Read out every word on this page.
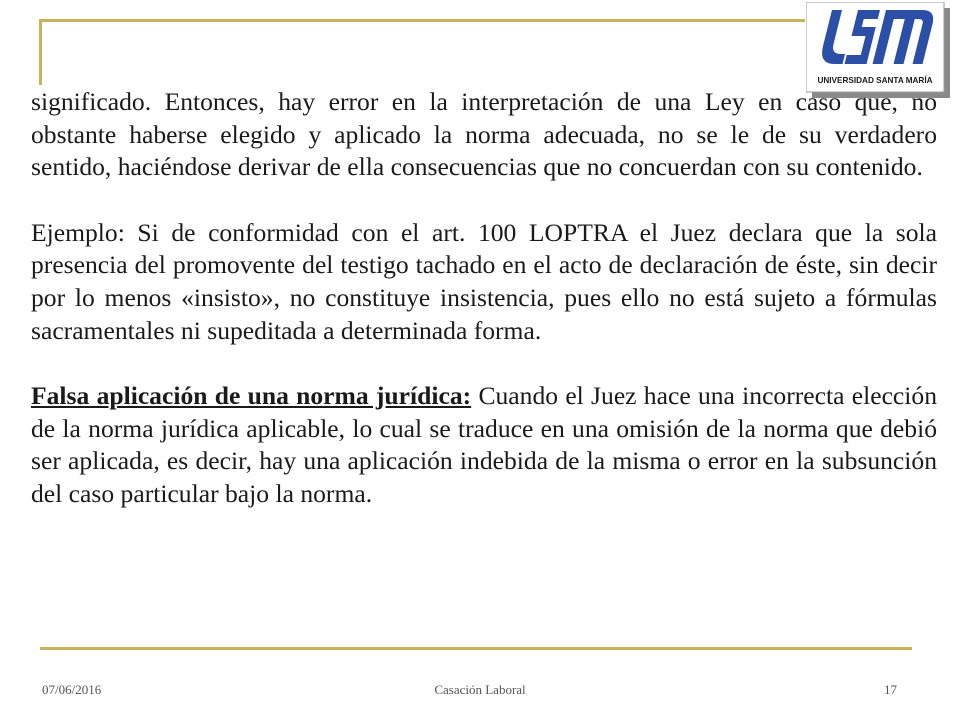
UNIVERSIDAD SANTA MARÍA

significado. Entonces, hay error en la interpretación de una Ley en caso que, no obstante haberse elegido y aplicado la norma adecuada, no se le de su verdadero sentido, haciéndose derivar de ella consecuencias que no concuerdan con su contenido.

Ejemplo: Si de conformidad con el art. 100 LOPTRA el Juez declara que la sola presencia del promovente del testigo tachado en el acto de declaración de éste, sin decir por lo menos «insisto», no constituye insistencia, pues ello no está sujeto a fórmulas sacramentales ni supeditada a determinada forma.

Falsa aplicación de una norma jurídica: Cuando el Juez hace una incorrecta elección de la norma jurídica aplicable, lo cual se traduce en una omisión de la norma que debió ser aplicada, es decir, hay una aplicación indebida de la misma o error en la subsunción del caso particular bajo la norma.

07/06/2016	Casación Laboral	17
